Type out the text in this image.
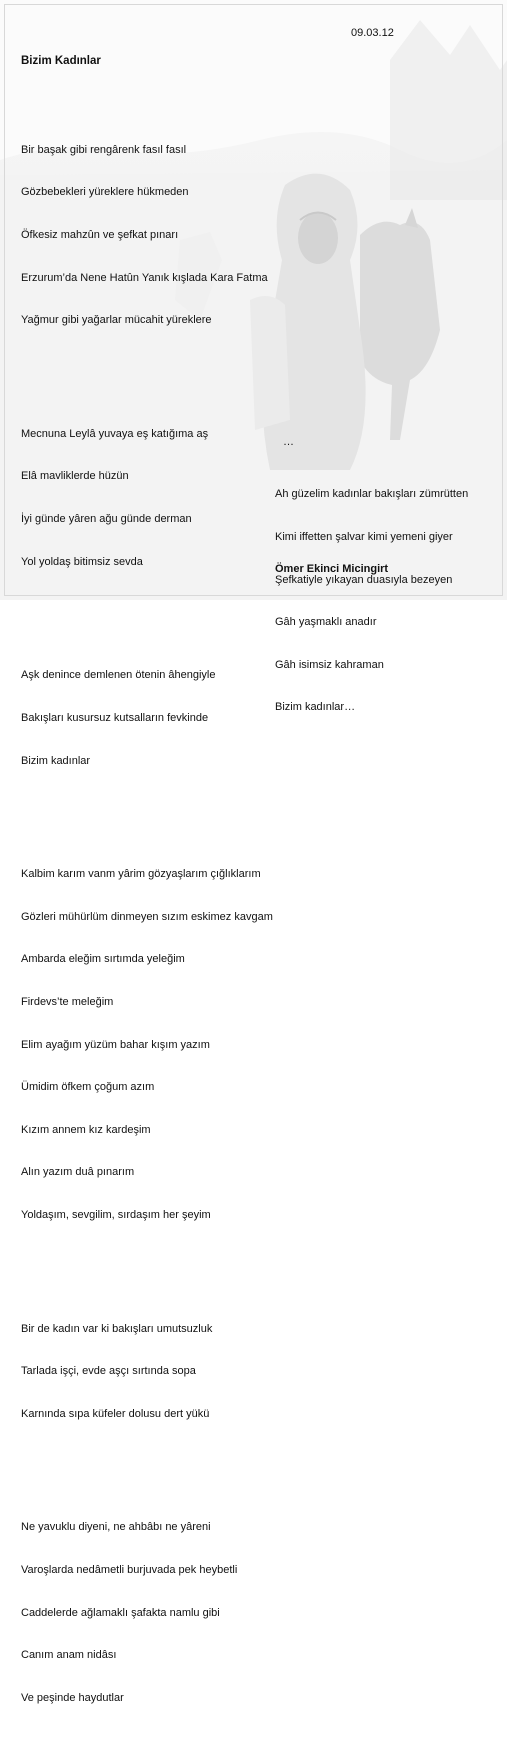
09.03.12
Bizim Kadınlar

Bir başak gibi rengârenk fasıl fasıl

Gözbebekleri yüreklere hükmeden

Öfkesiz mahzûn ve şefkat pınarı

Erzurum’da Nene Hatûn Yanık kışlada Kara Fatma

Yağmur gibi yağarlar mücahit yüreklere

Mecnuna Leylâ yuvaya eş katığıma aş

Elâ mavliklerde hüzün

İyi günde yâren ağu günde derman

Yol yoldaş bitimsiz sevda

Aşk denince demlenen ötenin âhengiyle

Bakışları kusursuz kutsalların fevkinde

Bizim kadınlar

Kalbim karım vanm yârim gözyaşlarım çığlıklarım

Gözleri mühürlüm dinmeyen sızım eskimez kavgam

Ambarda eleğim sırtımda yeleğim

Firdevs’te meleğim

Elim ayağım yüzüm bahar kışım yazım

Ümidim öfkem çoğum azım

Kızım annem kız kardeşim

Alın yazım duâ pınarım

Yoldaşım, sevgilim, sırdaşım her şeyim

Bir de kadın var ki bakışları umutsuzluk

Tarlada işçi, evde aşçı sırtında sopa

Karnında sıpa küfeler dolusu dert yükü

Ne yavuklu diyeni, ne ahbâbı ne yâreni

Varoşlarda nedâmetli burjuvada pek heybetli

Caddelerde ağlamaklı şafakta namlu gibi

Canım anam nidâsı

Ve peşinde haydutlar

…

Ah güzelim kadınlar bakışları zümrütten

Kimi iffetten şalvar kimi yemeni giyer

Şefkatiyle yıkayan duasıyla bezeyen

Gâh yaşmaklı anadır

Gâh isimsiz kahraman

Bizim kadınlar…

Ömer Ekinci Micingirt
